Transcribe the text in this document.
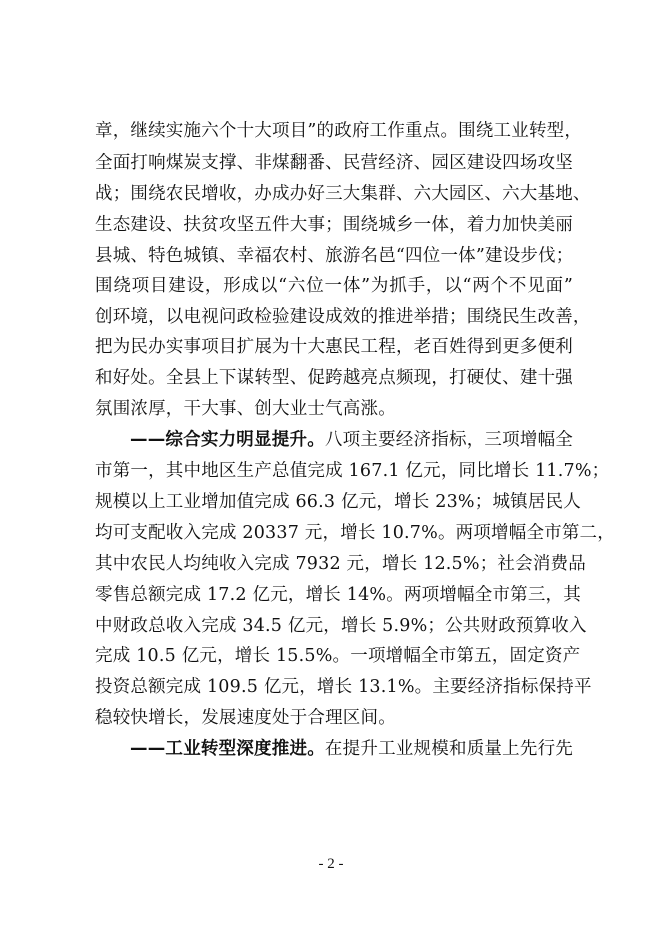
章，继续实施六个十大项目”的政府工作重点。围绕工业转型，
全面打响煤炭支撑、非煤翻番、民营经济、园区建设四场攻坚
战；围绕农民增收，办成办好三大集群、六大园区、六大基地、
生态建设、扶贫攻坚五件大事；围绕城乡一体，着力加快美丽
县城、特色城镇、幸福农村、旅游名邑“四位一体”建设步伐；
围绕项目建设，形成以“六位一体”为抓手，以“两个不见面”
创环境，以电视问政检验建设成效的推进举措；围绕民生改善，
把为民办实事项目扩展为十大惠民工程，老百姓得到更多便利
和好处。全县上下谋转型、促跨越亮点频现，打硬仗、建十强
氛围浓厚，干大事、创大业士气高涨。
——综合实力明显提升。八项主要经济指标，三项增幅全
市第一，其中地区生产总值完成 167.1 亿元，同比增长 11.7%；
规模以上工业增加值完成 66.3 亿元，增长 23%；城镇居民人
均可支配收入完成 20337 元，增长 10.7%。两项增幅全市第二，
其中农民人均纯收入完成 7932 元，增长 12.5%；社会消费品
零售总额完成 17.2 亿元，增长 14%。两项增幅全市第三，其
中财政总收入完成 34.5 亿元，增长 5.9%；公共财政预算收入
完成 10.5 亿元，增长 15.5%。一项增幅全市第五，固定资产
投资总额完成 109.5 亿元，增长 13.1%。主要经济指标保持平
稳较快增长，发展速度处于合理区间。
——工业转型深度推进。在提升工业规模和质量上先行先
- 2 -
